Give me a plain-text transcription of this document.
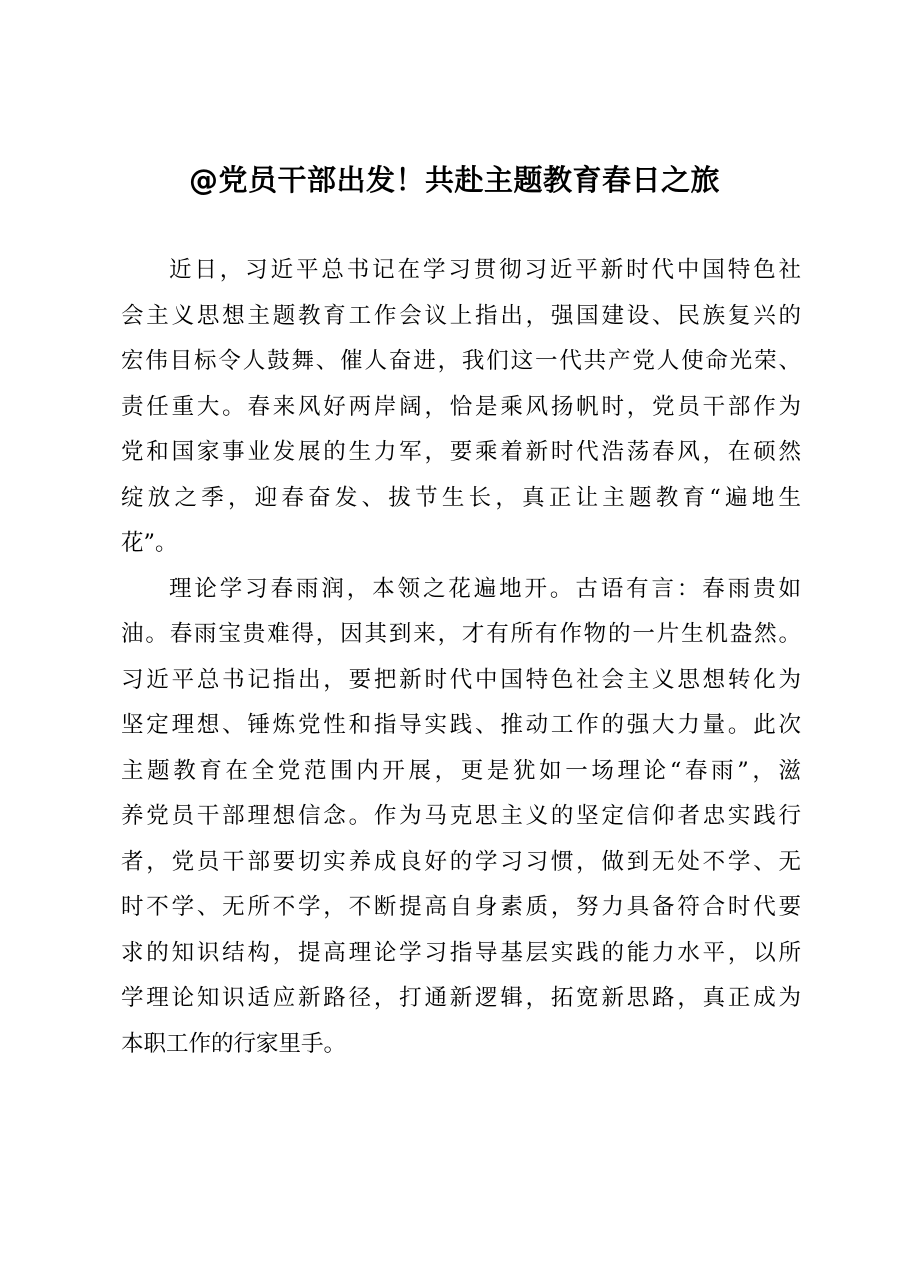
@党员干部出发！共赴主题教育春日之旅
近日，习近平总书记在学习贯彻习近平新时代中国特色社
会主义思想主题教育工作会议上指出，强国建设、民族复兴的
宏伟目标令人鼓舞、催人奋进，我们这一代共产党人使命光荣、
责任重大。春来风好两岸阔，恰是乘风扬帆时，党员干部作为
党和国家事业发展的生力军，要乘着新时代浩荡春风，在硕然
绽放之季，迎春奋发、拔节生长，真正让主题教育“遍地生
花”。
理论学习春雨润，本领之花遍地开。古语有言：春雨贵如
油。春雨宝贵难得，因其到来，才有所有作物的一片生机盎然。
习近平总书记指出，要把新时代中国特色社会主义思想转化为
坚定理想、锤炼党性和指导实践、推动工作的强大力量。此次
主题教育在全党范围内开展，更是犹如一场理论“春雨”，滋
养党员干部理想信念。作为马克思主义的坚定信仰者忠实践行
者，党员干部要切实养成良好的学习习惯，做到无处不学、无
时不学、无所不学，不断提高自身素质，努力具备符合时代要
求的知识结构，提高理论学习指导基层实践的能力水平，以所
学理论知识适应新路径，打通新逻辑，拓宽新思路，真正成为
本职工作的行家里手。
